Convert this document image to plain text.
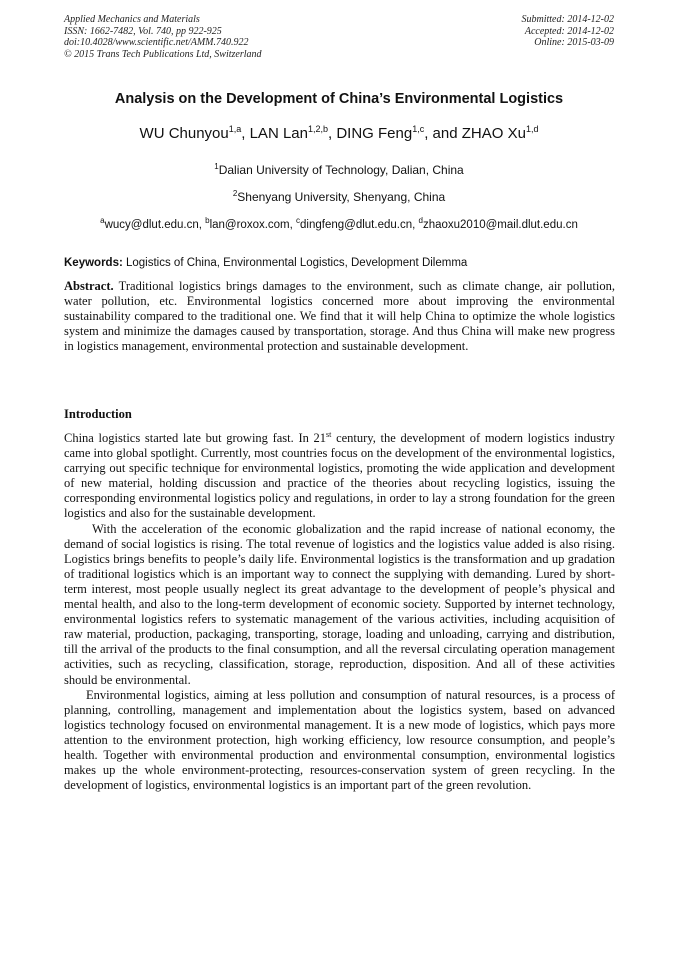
Applied Mechanics and Materials
ISSN: 1662-7482, Vol. 740, pp 922-925
doi:10.4028/www.scientific.net/AMM.740.922
© 2015 Trans Tech Publications Ltd, Switzerland
Submitted: 2014-12-02
Accepted: 2014-12-02
Online: 2015-03-09
Analysis on the Development of China’s Environmental Logistics
WU Chunyou$^{1,a}$, LAN Lan$^{1,2,b}$, DING Feng$^{1,c}$, and ZHAO Xu$^{1,d}$
$^1$Dalian University of Technology, Dalian, China
$^2$Shenyang University, Shenyang, China
$^a$wucy@dlut.edu.cn, $^b$lan@roxox.com, $^c$dingfeng@dlut.edu.cn, $^d$zhaoxu2010@mail.dlut.edu.cn
Keywords: Logistics of China, Environmental Logistics, Development Dilemma
Abstract. Traditional logistics brings damages to the environment, such as climate change, air pollution, water pollution, etc. Environmental logistics concerned more about improving the environmental sustainability compared to the traditional one. We find that it will help China to optimize the whole logistics system and minimize the damages caused by transportation, storage. And thus China will make new progress in logistics management, environmental protection and sustainable development.
Introduction

China logistics started late but growing fast. In 21st century, the development of modern logistics industry came into global spotlight. Currently, most countries focus on the development of the environmental logistics, carrying out specific technique for environmental logistics, promoting the wide application and development of new material, holding discussion and practice of the theories about recycling logistics, issuing the corresponding environmental logistics policy and regulations, in order to lay a strong foundation for the green logistics and also for the sustainable development.

With the acceleration of the economic globalization and the rapid increase of national economy, the demand of social logistics is rising. The total revenue of logistics and the logistics value added is also rising. Logistics brings benefits to people’s daily life. Environmental logistics is the transformation and up gradation of traditional logistics which is an important way to connect the supplying with demanding. Lured by short-term interest, most people usually neglect its great advantage to the development of people’s physical and mental health, and also to the long-term development of economic society. Supported by internet technology, environmental logistics refers to systematic management of the various activities, including acquisition of raw material, production, packaging, transporting, storage, loading and unloading, carrying and distribution, till the arrival of the products to the final consumption, and all the reversal circulating operation management activities, such as recycling, classification, storage, reproduction, disposition. And all of these activities should be environmental.

Environmental logistics, aiming at less pollution and consumption of natural resources, is a process of planning, controlling, management and implementation about the logistics system, based on advanced logistics technology focused on environmental management. It is a new mode of logistics, which pays more attention to the environment protection, high working efficiency, low resource consumption, and people’s health. Together with environmental production and environmental consumption, environmental logistics makes up the whole environment-protecting, resources-conservation system of green recycling. In the development of logistics, environmental logistics is an important part of the green revolution.
